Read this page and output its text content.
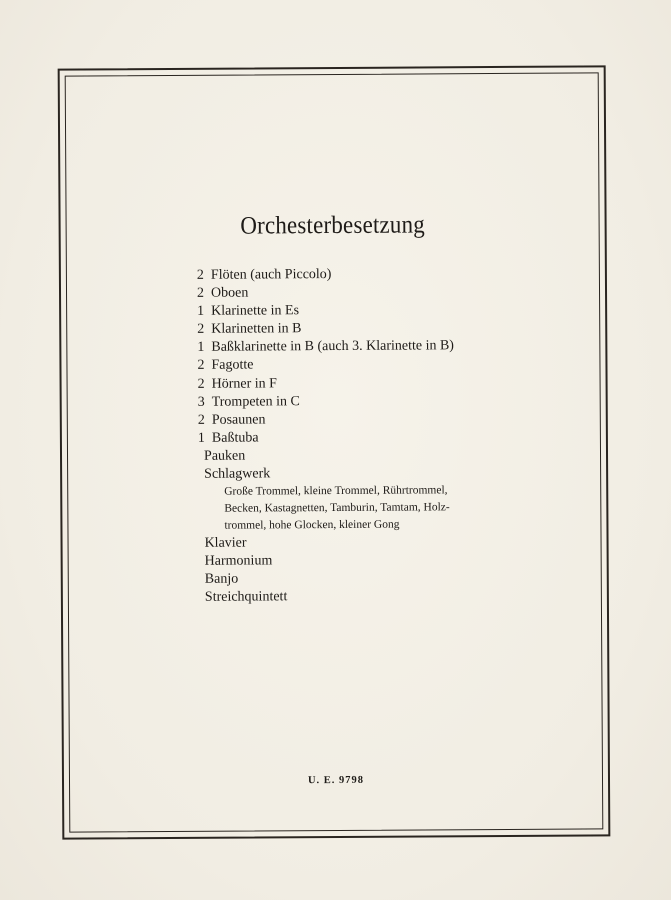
Orchesterbesetzung
2 Flöten (auch Piccolo)
2 Oboen
1 Klarinette in Es
2 Klarinetten in B
1 Baßklarinette in B (auch 3. Klarinette in B)
2 Fagotte
2 Hörner in F
3 Trompeten in C
2 Posaunen
1 Baßtuba
Pauken
Schlagwerk
Große Trommel, kleine Trommel, Rührtrommel,
Becken, Kastagnetten, Tamburin, Tamtam, Holz-
trommel, hohe Glocken, kleiner Gong
Klavier
Harmonium
Banjo
Streichquintett
U. E. 9798
